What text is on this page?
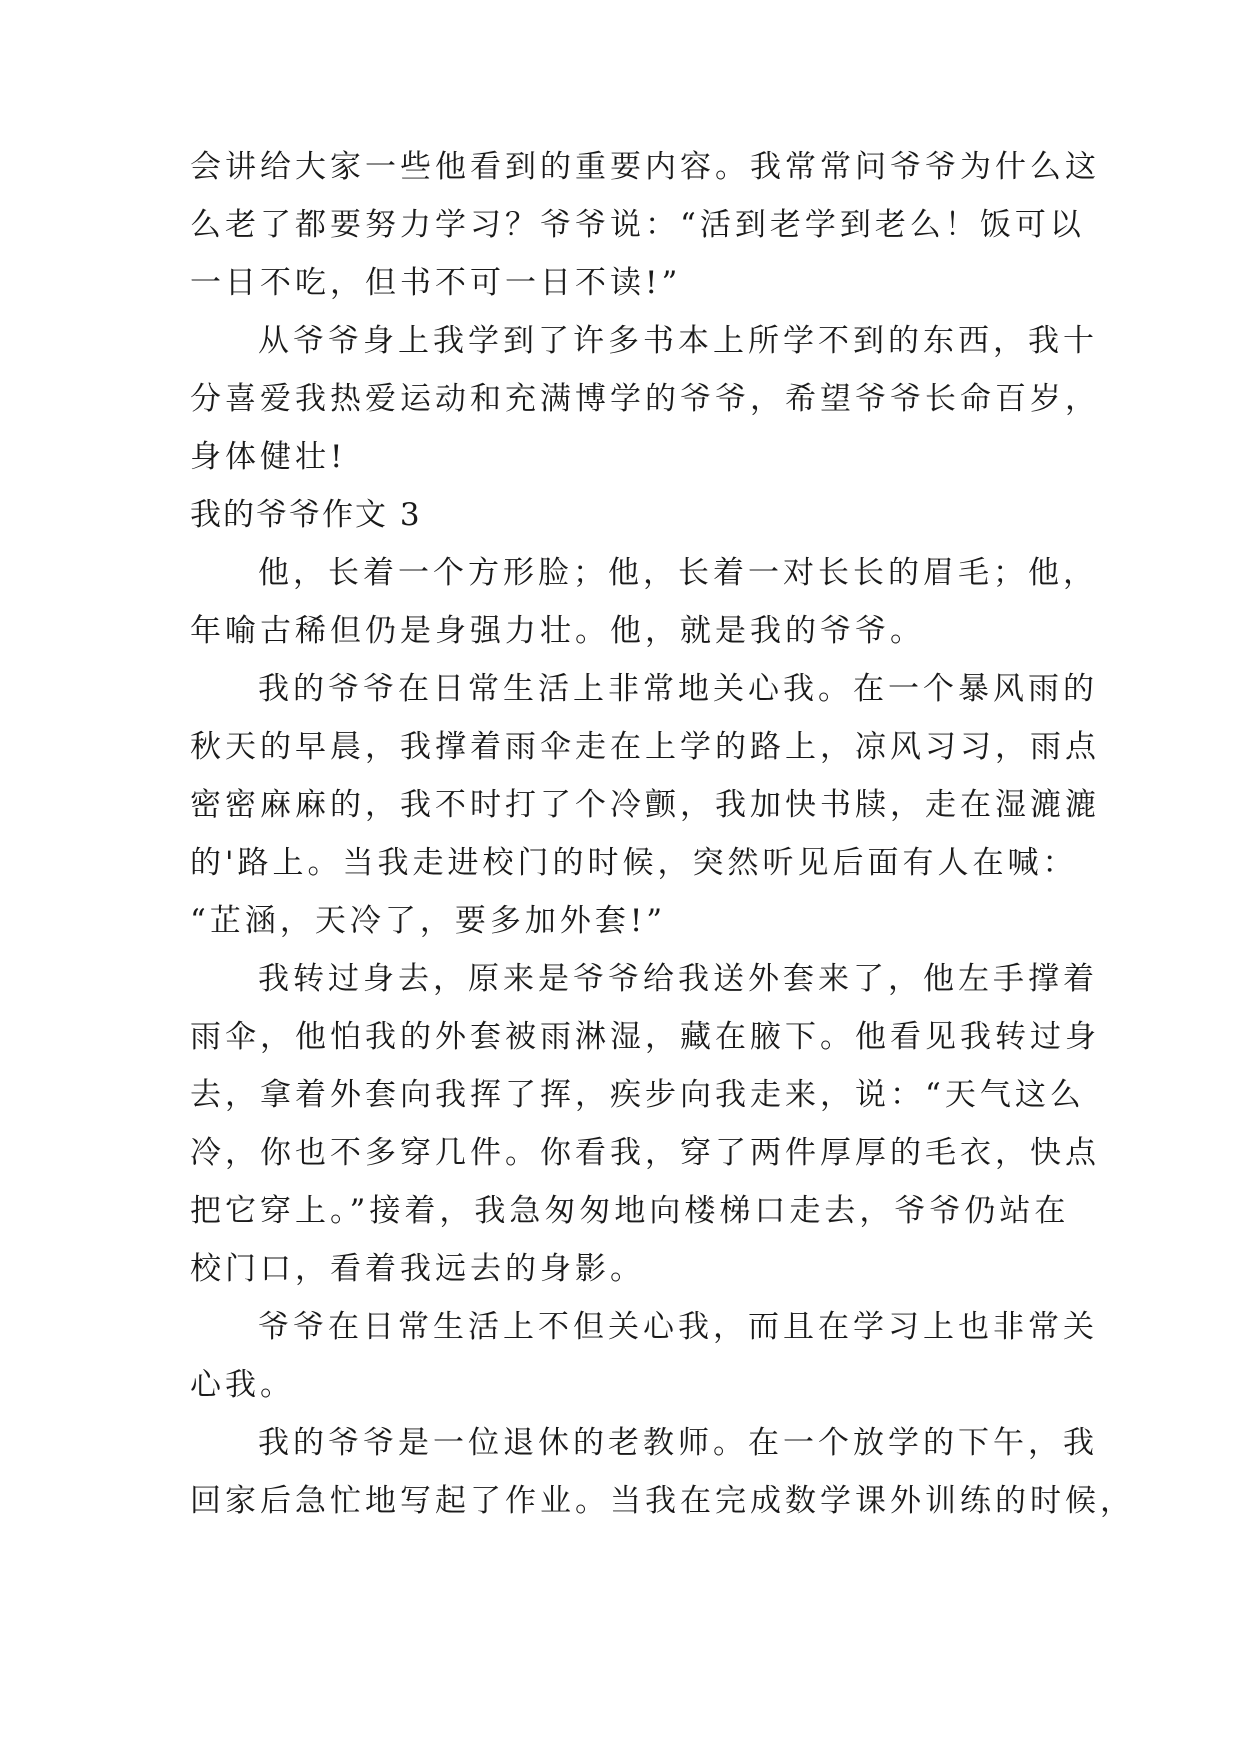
会讲给大家一些他看到的重要内容。我常常问爷爷为什么这
么老了都要努力学习？爷爷说：“活到老学到老么！饭可以
一日不吃，但书不可一日不读!”
从爷爷身上我学到了许多书本上所学不到的东西，我十
分喜爱我热爱运动和充满博学的爷爷，希望爷爷长命百岁，
身体健壮!
我的爷爷作文 3
他，长着一个方形脸；他，长着一对长长的眉毛；他，
年喻古稀但仍是身强力壮。他，就是我的爷爷。
我的爷爷在日常生活上非常地关心我。在一个暴风雨的
秋天的早晨，我撑着雨伞走在上学的路上，凉风习习，雨点
密密麻麻的，我不时打了个冷颤，我加快书牍，走在湿漉漉
的'路上。当我走进校门的时候，突然听见后面有人在喊：
“芷涵，天冷了，要多加外套!”
我转过身去，原来是爷爷给我送外套来了，他左手撑着
雨伞，他怕我的外套被雨淋湿，藏在腋下。他看见我转过身
去，拿着外套向我挥了挥，疾步向我走来，说：“天气这么
冷，你也不多穿几件。你看我，穿了两件厚厚的毛衣，快点
把它穿上。”接着，我急匆匆地向楼梯口走去，爷爷仍站在
校门口，看着我远去的身影。
爷爷在日常生活上不但关心我，而且在学习上也非常关
心我。
我的爷爷是一位退休的老教师。在一个放学的下午，我
回家后急忙地写起了作业。当我在完成数学课外训练的时候，
